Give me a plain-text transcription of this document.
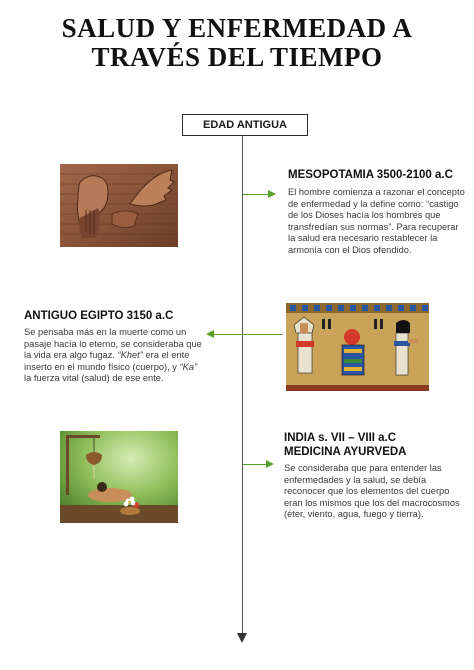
SALUD Y ENFERMEDAD A
TRAVÉS DEL TIEMPO
EDAD ANTIGUA
MESOPOTAMIA 3500-2100 a.C
El hombre comienza a razonar el concepto de enfermedad y la define como: “castigo de los Dioses hacía los hombres que transfredían sus normas”. Para recuperar la salud era necesario restablecer la armonía con el Dios ofendido.
ANTIGUO EGIPTO 3150 a.C
Se pensaba más en la muerte como un pasaje hacía lo eterno, se consideraba que la vida era algo fugaz. “Khet” era el ente inserto en el mundo físico (cuerpo), y “Ka” la fuerza vital (salud) de ese ente.
INDIA s. VII – VIII a.C
MEDICINA AYURVEDA
Se consideraba que para entender las enfermedades y la salud, se debía reconocer que los elementos del cuerpo eran los mismos que los del macrocosmos (éter, viento, agua, fuego y tierra).
